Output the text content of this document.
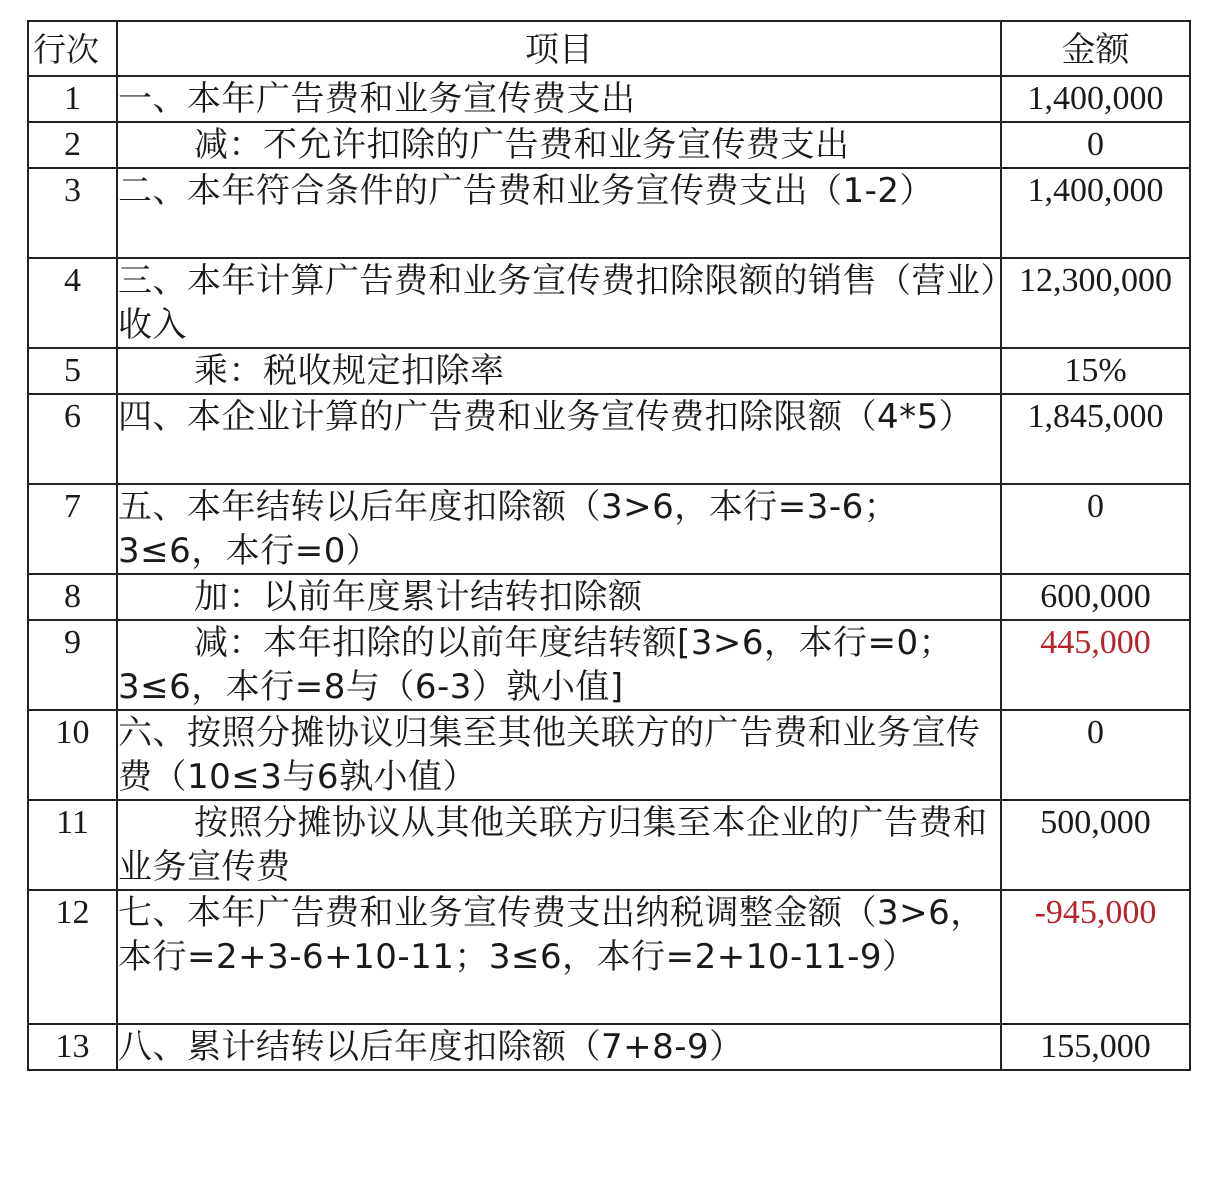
行次	项目	金额
1	一、本年广告费和业务宣传费支出	1,400,000
2	减：不允许扣除的广告费和业务宣传费支出	0
3	二、本年符合条件的广告费和业务宣传费支出（1-2）	1,400,000
4	三、本年计算广告费和业务宣传费扣除限额的销售（营业）收入	12,300,000
5	乘：税收规定扣除率	15%
6	四、本企业计算的广告费和业务宣传费扣除限额（4*5）	1,845,000
7	五、本年结转以后年度扣除额（3>6，本行=3-6；3≤6，本行=0）	0
8	加：以前年度累计结转扣除额	600,000
9	减：本年扣除的以前年度结转额[3>6，本行=0；3≤6，本行=8与（6-3）孰小值]	445,000
10	六、按照分摊协议归集至其他关联方的广告费和业务宣传费（10≤3与6孰小值）	0
11	按照分摊协议从其他关联方归集至本企业的广告费和业务宣传费	500,000
12	七、本年广告费和业务宣传费支出纳税调整金额（3>6，本行=2+3-6+10-11；3≤6，本行=2+10-11-9）	-945,000
13	八、累计结转以后年度扣除额（7+8-9）	155,000
